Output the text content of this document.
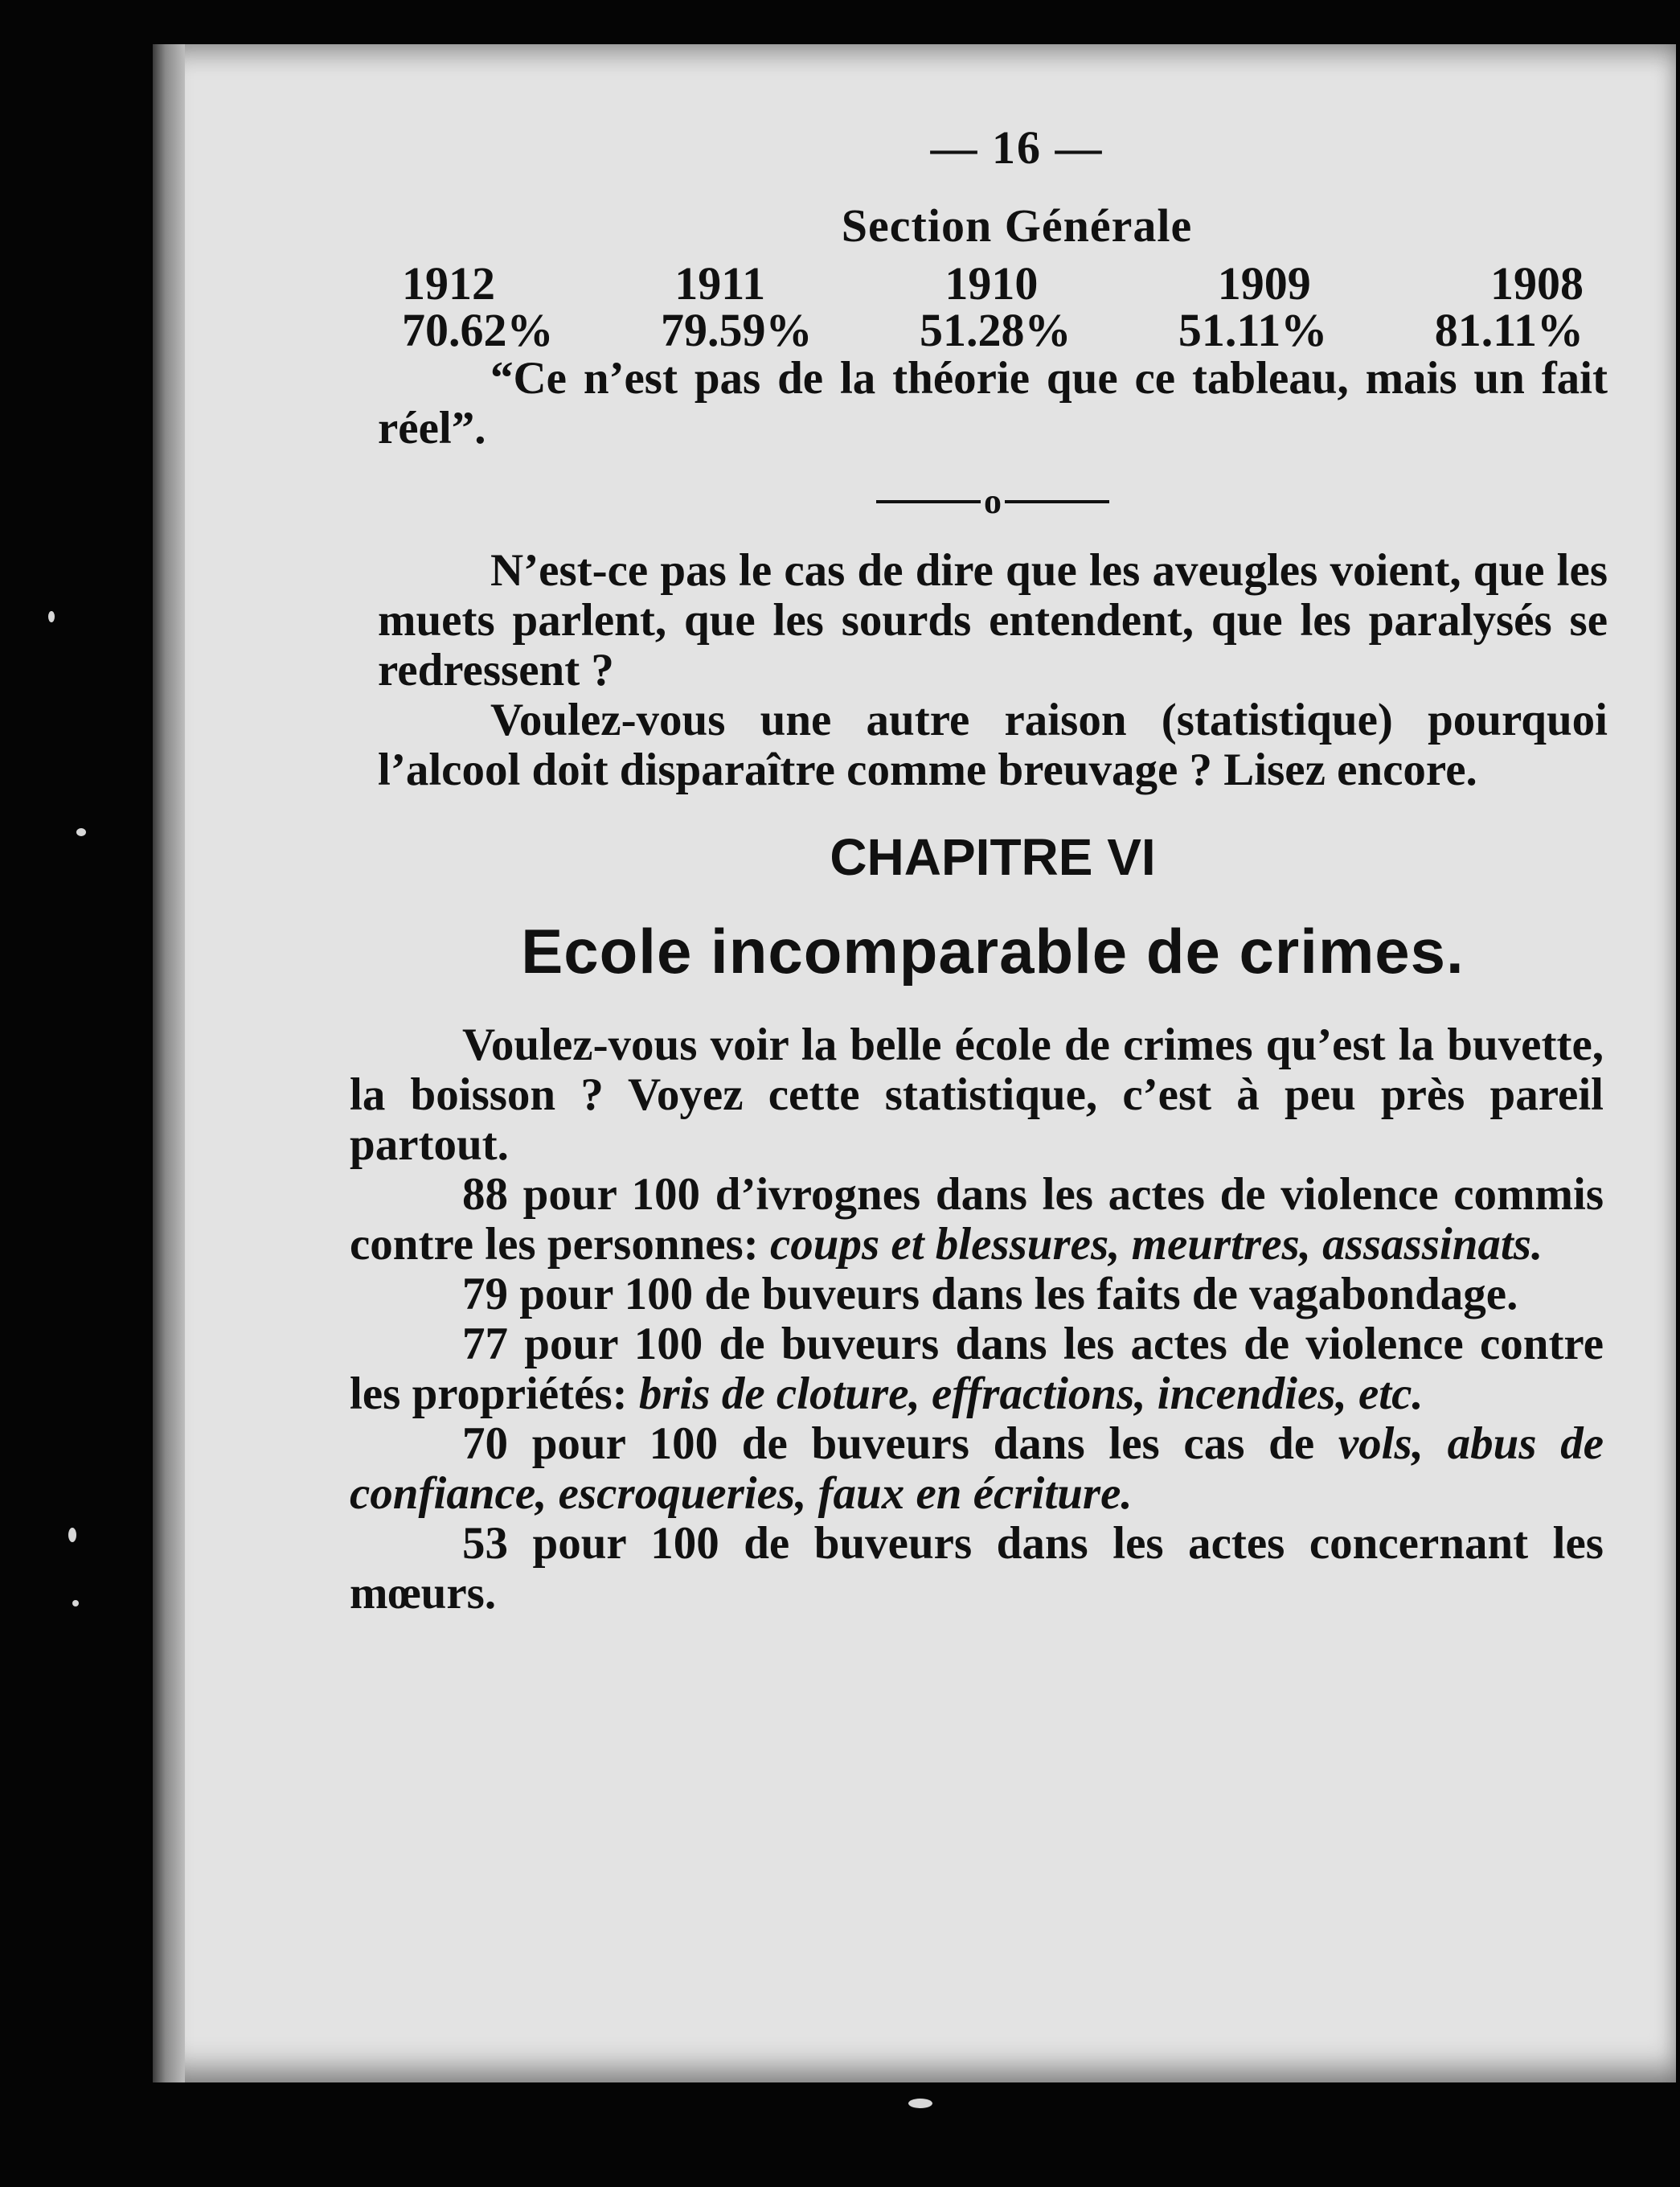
— 16 —
Section Générale
1912	1911	1910	1909	1908
70.62% 79.59% 51.28% 51.11% 81.11%

“Ce n’est pas de la théorie que ce tableau, mais un fait réel”.

o

N’est-ce pas le cas de dire que les aveugles voient, que les muets parlent, que les sourds entendent, que les paralysés se redressent ?

Voulez-vous une autre raison (statistique) pourquoi l’alcool doit disparaître comme breuvage ? Lisez encore.

CHAPITRE VI
Ecole incomparable de crimes.

Voulez-vous voir la belle école de crimes qu’est la buvette, la boisson ? Voyez cette statistique, c’est à peu près pareil partout.

88 pour 100 d’ivrognes dans les actes de violence commis contre les personnes: coups et blessures, meurtres, assassinats.

79 pour 100 de buveurs dans les faits de vagabondage.

77 pour 100 de buveurs dans les actes de violence contre les propriétés: bris de cloture, effractions, incendies, etc.

70 pour 100 de buveurs dans les cas de vols, abus de confiance, escroqueries, faux en écriture.

53 pour 100 de buveurs dans les actes concernant les mœurs.
